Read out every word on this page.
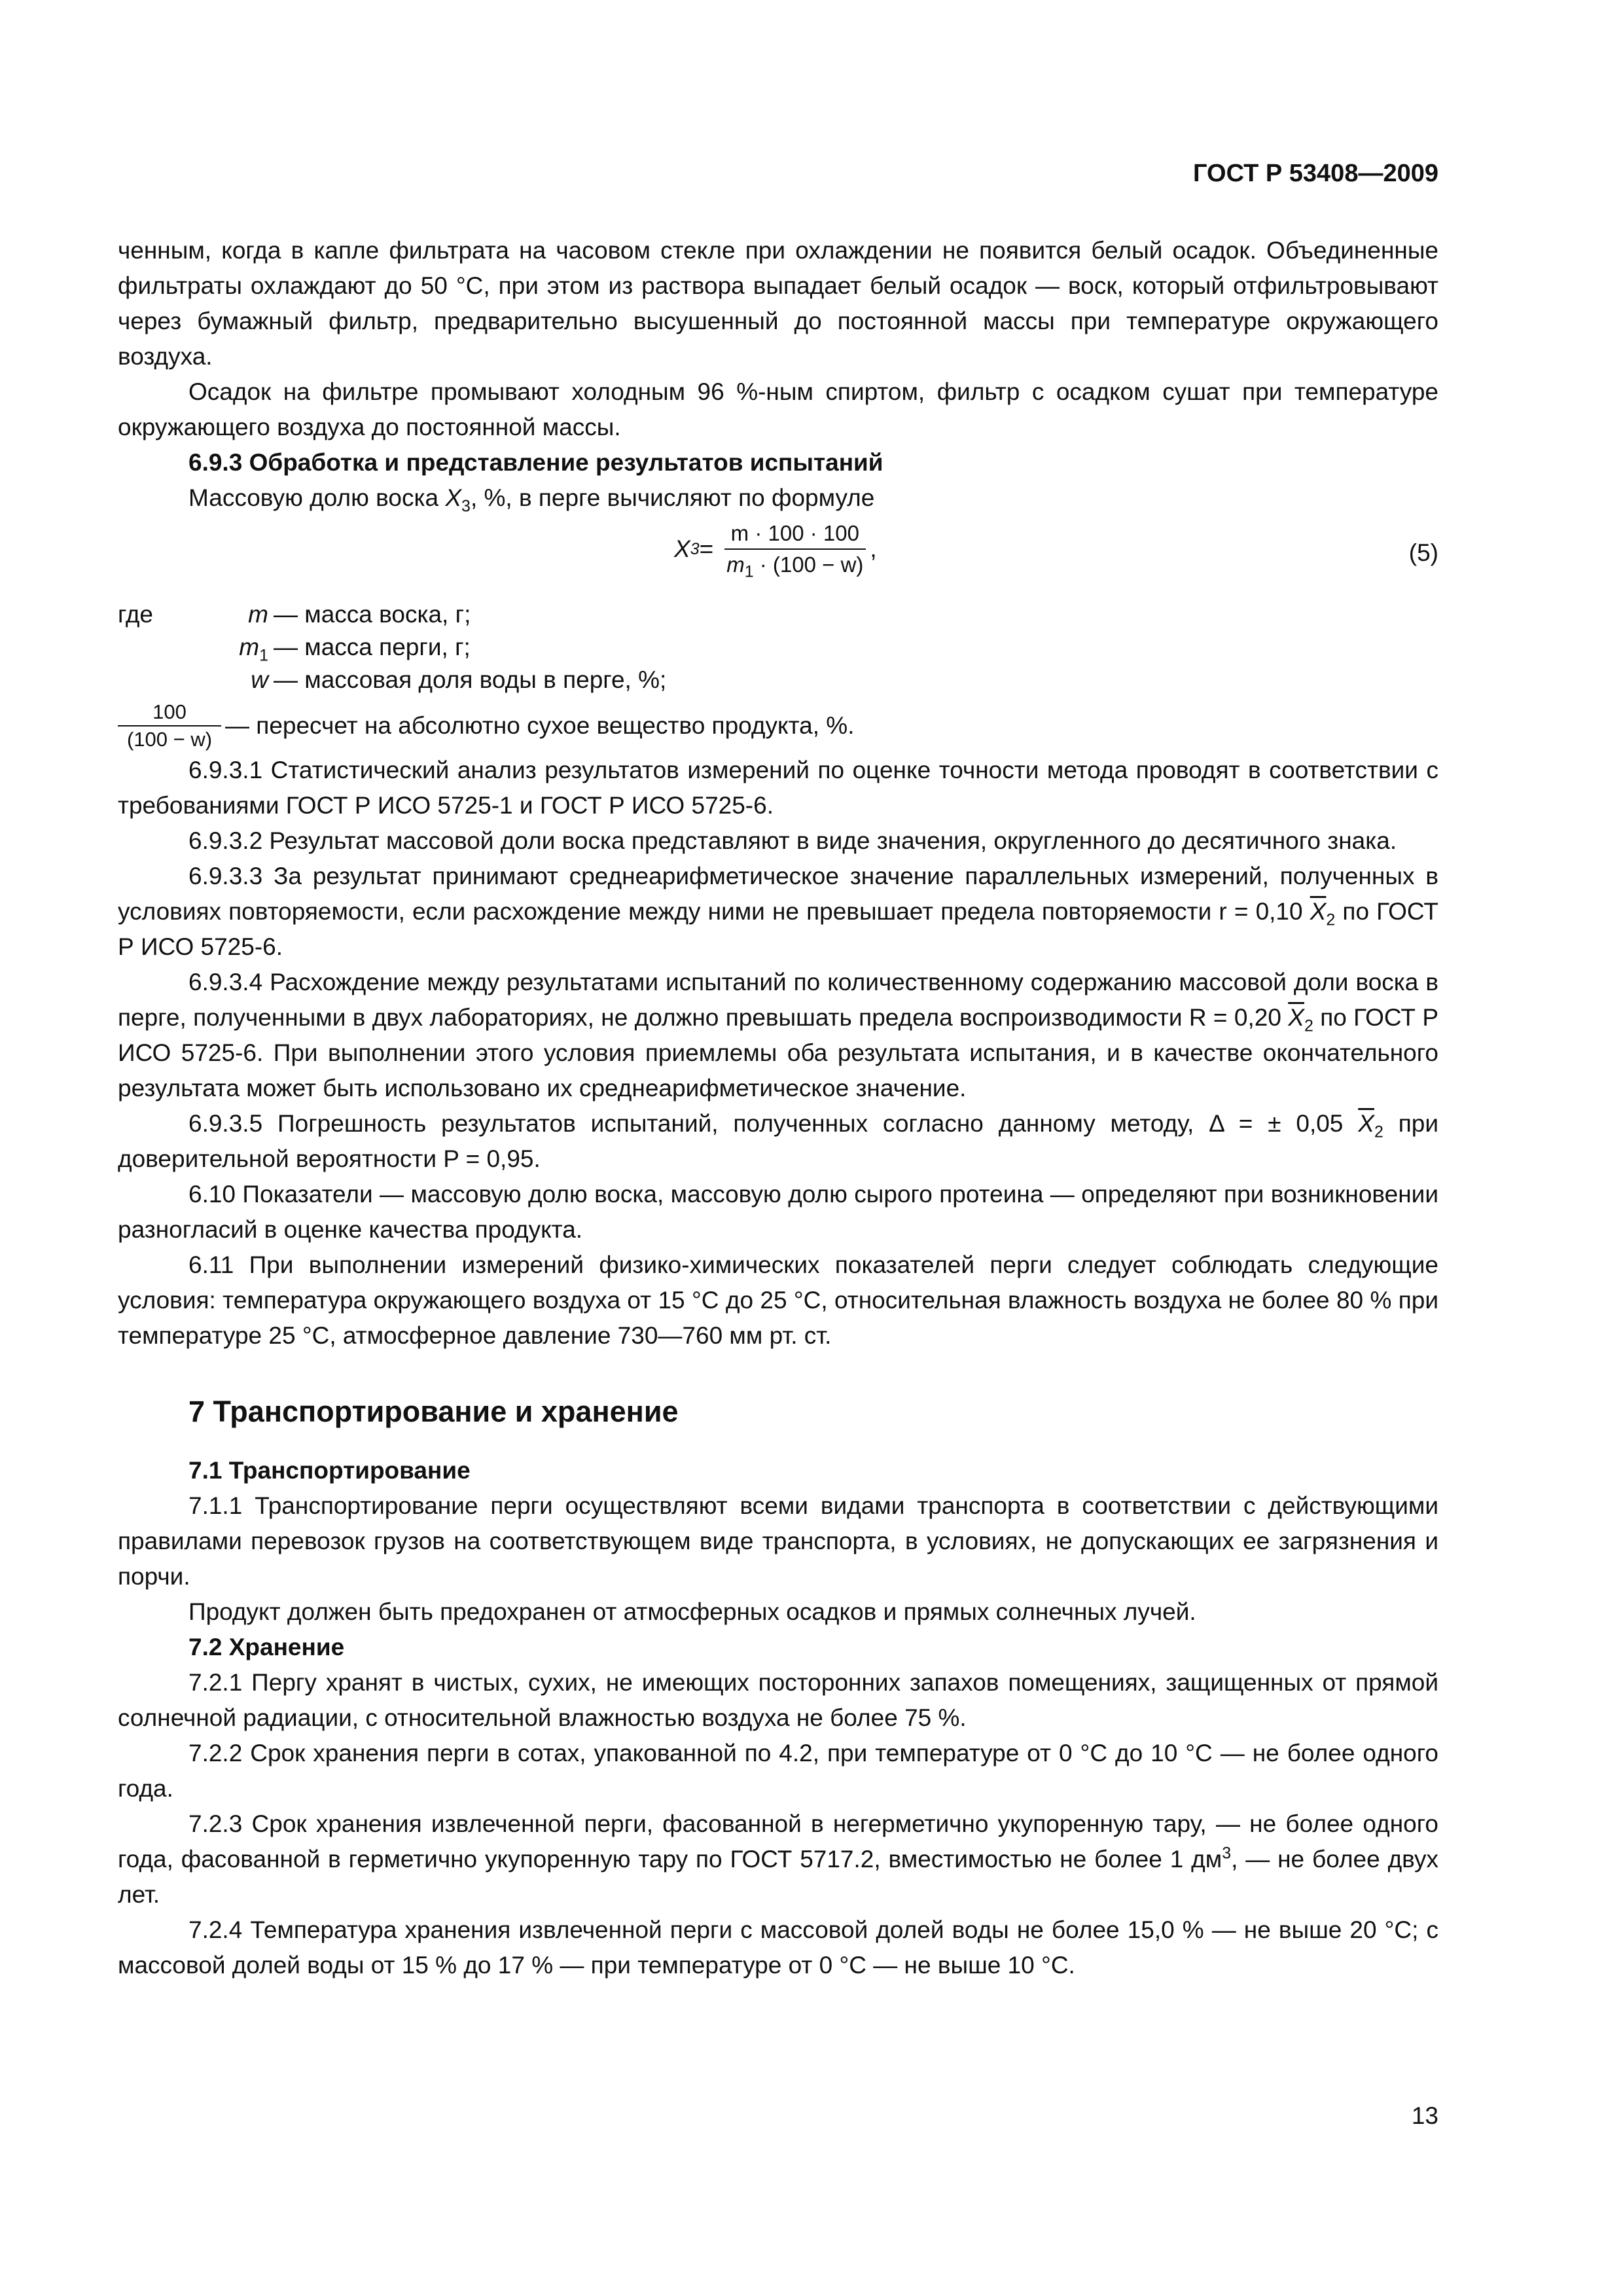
ГОСТ Р 53408—2009

ченным, когда в капле фильтрата на часовом стекле при охлаждении не появится белый осадок. Объединенные фильтраты охлаждают до 50 °С, при этом из раствора выпадает белый осадок — воск, который отфильтровывают через бумажный фильтр, предварительно высушенный до постоянной массы при температуре окружающего воздуха.

Осадок на фильтре промывают холодным 96 %-ным спиртом, фильтр с осадком сушат при температуре окружающего воздуха до постоянной массы.

6.9.3 Обработка и представление результатов испытаний

Массовую долю воска $X_3$, %, в перге вычисляют по формуле

X $3 = \frac{m \cdot 100 \cdot 100}{m_1 \cdot (100 - w)}$ ,	(5)
где	m — масса воска, г;
$m_1$ — масса перги, г;
w — массовая доля воды в перге, %;
$\frac{100}{(100 - w)}$ — пересчет на абсолютно сухое вещество продукта, %.

6.9.3.1 Статистический анализ результатов измерений по оценке точности метода проводят в соответствии с требованиями ГОСТ Р ИСО 5725-1 и ГОСТ Р ИСО 5725-6.

6.9.3.2 Результат массовой доли воска представляют в виде значения, округленного до десятичного знака.

6.9.3.3 За результат принимают среднеарифметическое значение параллельных измерений, полученных в условиях повторяемости, если расхождение между ними не превышает предела повторяемости r = 0,10 $\overline{X}_2$ по ГОСТ Р ИСО 5725-6.

6.9.3.4 Расхождение между результатами испытаний по количественному содержанию массовой доли воска в перге, полученными в двух лабораториях, не должно превышать предела воспроизводимости R = 0,20 $\overline{X}_2$ по ГОСТ Р ИСО 5725-6. При выполнении этого условия приемлемы оба результата испытания, и в качестве окончательного результата может быть использовано их среднеарифметическое значение.

6.9.3.5 Погрешность результатов испытаний, полученных согласно данному методу, Δ = ± 0,05 $\overline{X}_2$ при доверительной вероятности P = 0,95.

6.10 Показатели — массовую долю воска, массовую долю сырого протеина — определяют при возникновении разногласий в оценке качества продукта.

6.11 При выполнении измерений физико-химических показателей перги следует соблюдать следующие условия: температура окружающего воздуха от 15 °С до 25 °С, относительная влажность воздуха не более 80 % при температуре 25 °С, атмосферное давление 730—760 мм рт. ст.

7 Транспортирование и хранение

7.1 Транспортирование

7.1.1 Транспортирование перги осуществляют всеми видами транспорта в соответствии с действующими правилами перевозок грузов на соответствующем виде транспорта, в условиях, не допускающих ее загрязнения и порчи.

Продукт должен быть предохранен от атмосферных осадков и прямых солнечных лучей.

7.2 Хранение

7.2.1 Пергу хранят в чистых, сухих, не имеющих посторонних запахов помещениях, защищенных от прямой солнечной радиации, с относительной влажностью воздуха не более 75 %.

7.2.2 Срок хранения перги в сотах, упакованной по 4.2, при температуре от 0 °С до 10 °С — не более одного года.

7.2.3 Срок хранения извлеченной перги, фасованной в негерметично укупоренную тару, — не более одного года, фасованной в герметично укупоренную тару по ГОСТ 5717.2, вместимостью не более 1 $дм^3$, — не более двух лет.

7.2.4 Температура хранения извлеченной перги с массовой долей воды не более 15,0 % — не выше 20 °С; с массовой долей воды от 15 % до 17 % — при температуре от 0 °С — не выше 10 °С.

13
